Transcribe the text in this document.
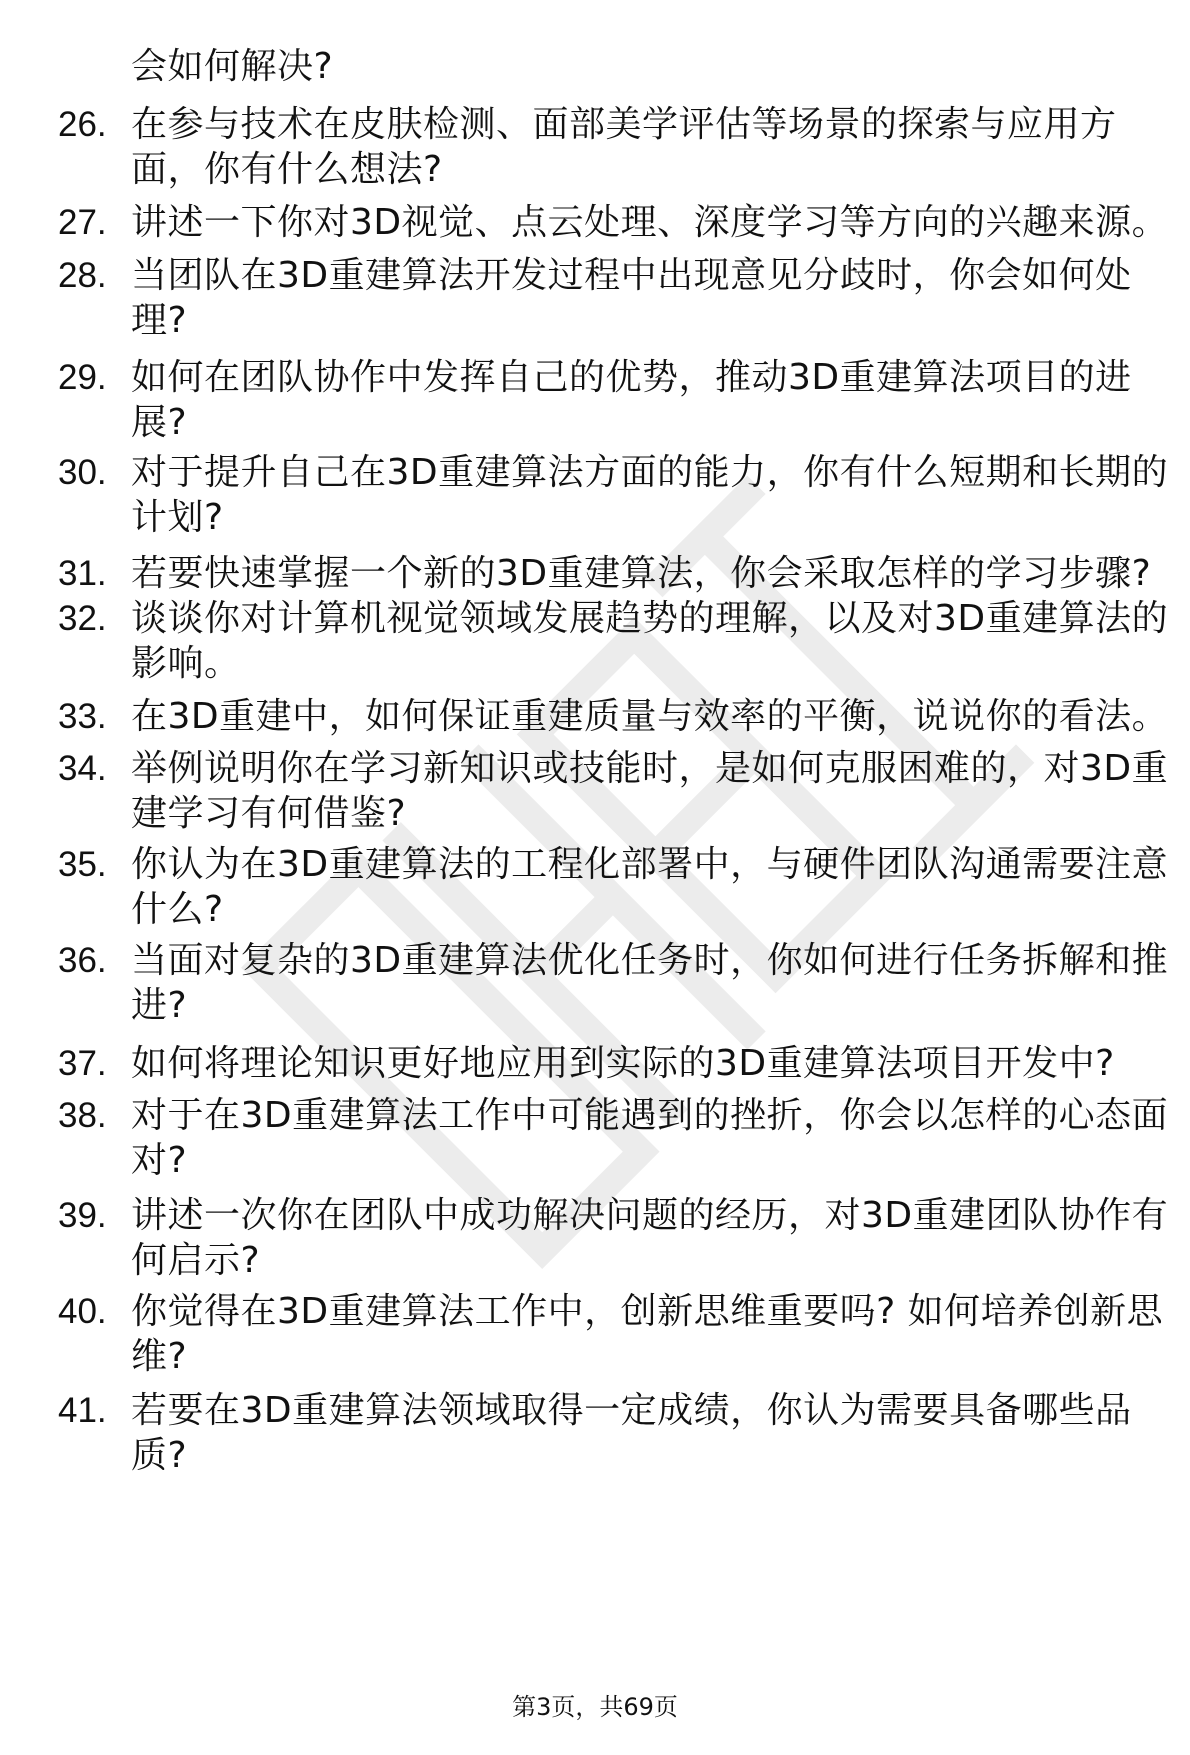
会如何解决?
26. 在参与技术在皮肤检测、面部美学评估等场景的探索与应用方
面，你有什么想法?
27. 讲述一下你对3D视觉、点云处理、深度学习等方向的兴趣来源。
28. 当团队在3D重建算法开发过程中出现意见分歧时，你会如何处
理?
29. 如何在团队协作中发挥自己的优势，推动3D重建算法项目的进
展?
30. 对于提升自己在3D重建算法方面的能力，你有什么短期和长期的
计划?
31. 若要快速掌握一个新的3D重建算法，你会采取怎样的学习步骤?
32. 谈谈你对计算机视觉领域发展趋势的理解，以及对3D重建算法的
影响。
33. 在3D重建中，如何保证重建质量与效率的平衡，说说你的看法。
34. 举例说明你在学习新知识或技能时，是如何克服困难的，对3D重
建学习有何借鉴?
35. 你认为在3D重建算法的工程化部署中，与硬件团队沟通需要注意
什么?
36. 当面对复杂的3D重建算法优化任务时，你如何进行任务拆解和推
进?
37. 如何将理论知识更好地应用到实际的3D重建算法项目开发中?
38. 对于在3D重建算法工作中可能遇到的挫折，你会以怎样的心态面
对?
39. 讲述一次你在团队中成功解决问题的经历，对3D重建团队协作有
何启示?
40. 你觉得在3D重建算法工作中，创新思维重要吗? 如何培养创新思
维?
41. 若要在3D重建算法领域取得一定成绩，你认为需要具备哪些品
质?
第3页，共69页
